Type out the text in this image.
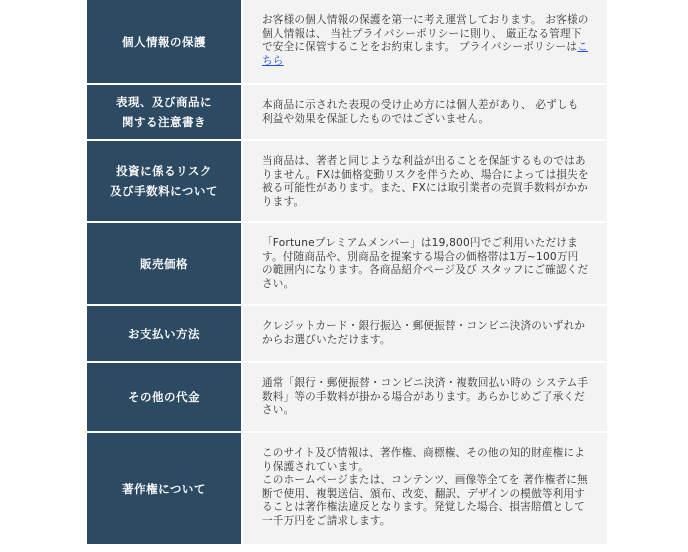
個人情報の保護

お客様の個人情報の保護を第一に考え運営しております。 お客様の個人情報は、 当社プライバシーポリシーに則り、 厳正なる管理下で安全に保管することをお約束します。 プライバシーポリシーはこちら

表現、及び商品に
関する注意書き

本商品に示された表現の受け止め方には個人差があり、 必ずしも利益や効果を保証したものではございません。

投資に係るリスク
及び手数料について

当商品は、著者と同じような利益が出ることを保証するものではありません。FXは価格変動リスクを伴うため、場合によっては損失を被る可能性があります。また、FXには取引業者の売買手数料がかかります。

販売価格

「Fortuneプレミアムメンバー」は19,800円でご利用いただけます。付随商品や、別商品を提案する場合の価格帯は1万~100万円の範囲内になります。各商品紹介ページ及び スタッフにご確認ください。

お支払い方法

クレジットカード・銀行振込・郵便振替・コンビニ決済のいずれかからお選びいただけます。

その他の代金

通常「銀行・郵便振替・コンビニ決済・複数回払い時の システム手数料」等の手数料が掛かる場合があります。あらかじめご了承ください。

著作権について

このサイト及び情報は、著作権、商標権、その他の知的財産権により保護されています。

このホームページまたは、コンテンツ、画像等全てを 著作権者に無断で使用、複製送信、頒布、改変、翻訳、デザインの模倣等利用することは著作権法違反となります。発覚した場合、損害賠償として一千万円をご請求します。
